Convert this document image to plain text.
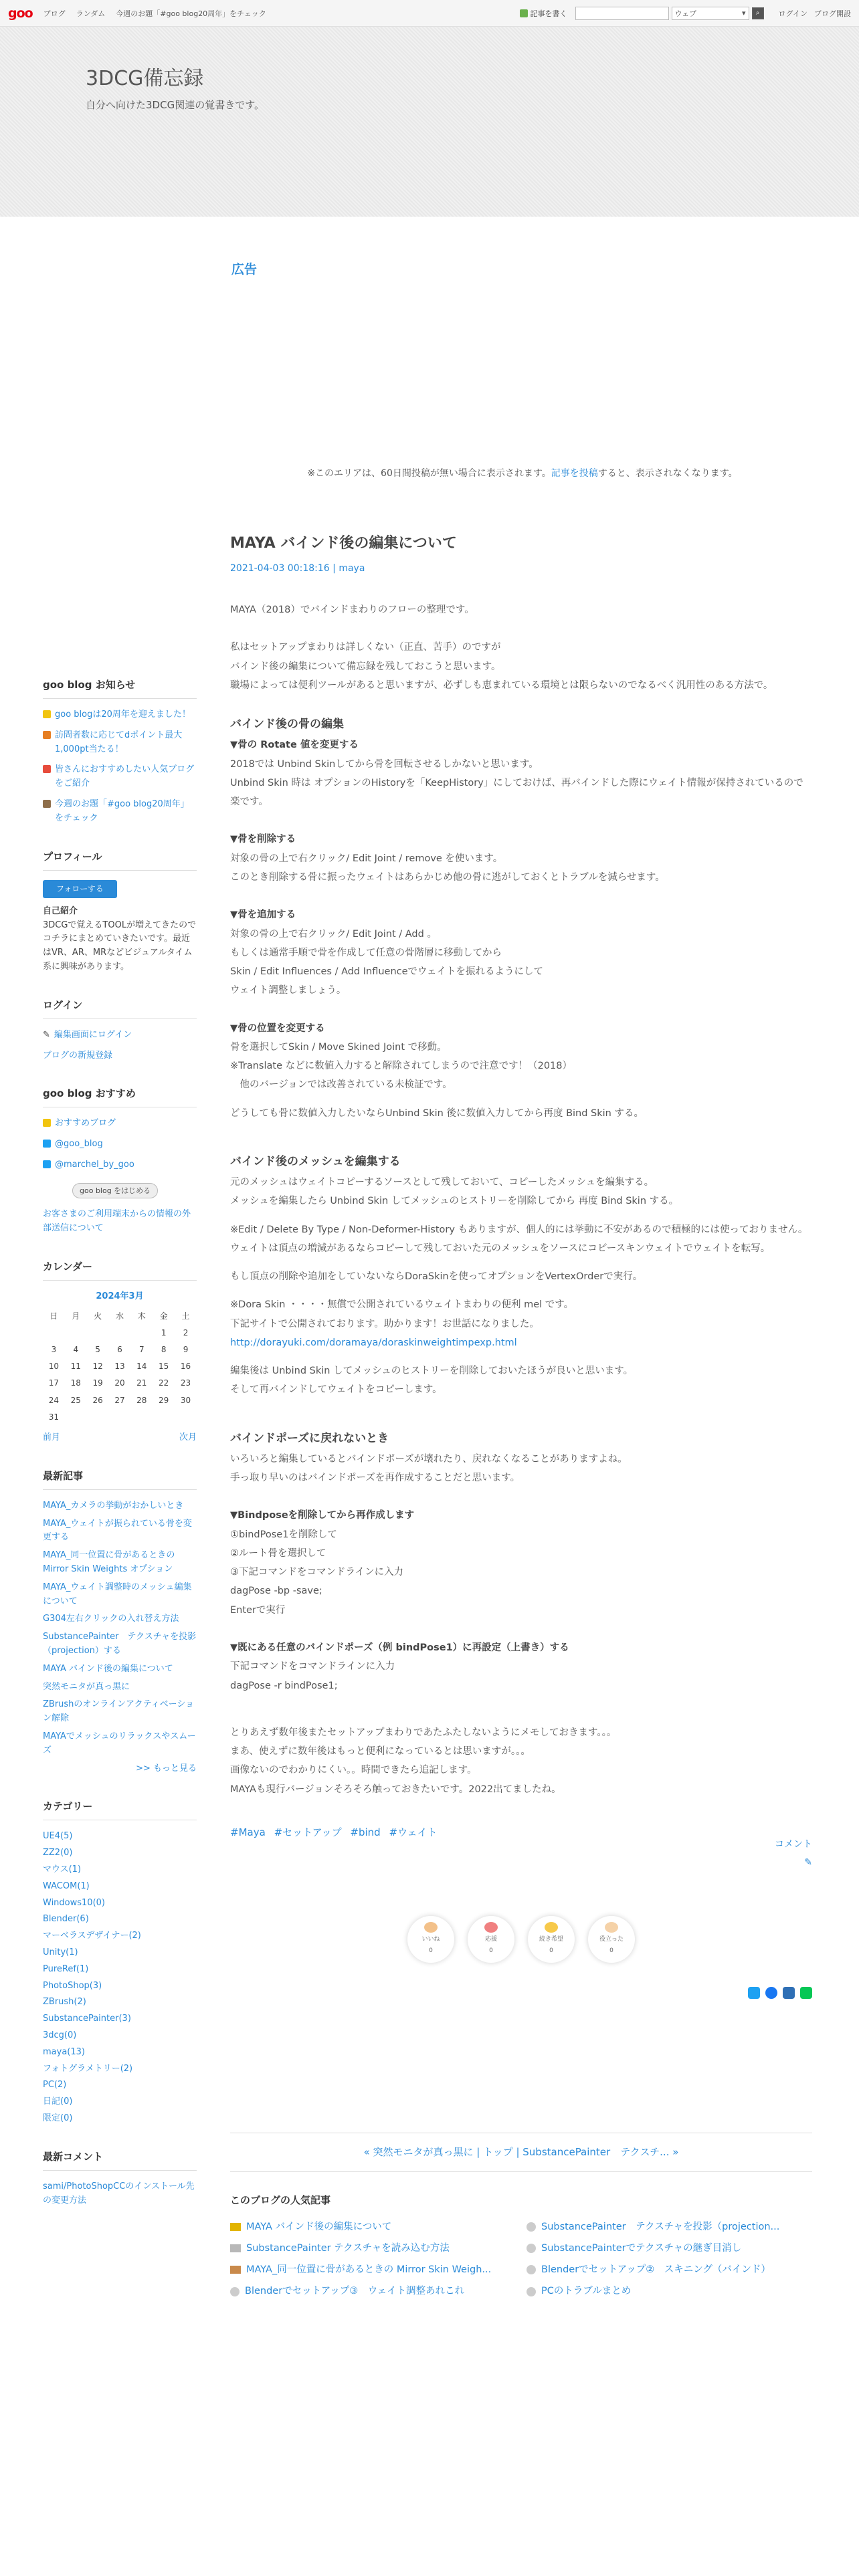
goo ブログ ランダム 今週のお題「#goo blog20周年」をチェック	記事を書く	ウェブ	▾ ⌕	ログイン ブログ開設
3DCG備忘録
自分へ向けた3DCG関連の覚書きです。
広告
※このエリアは、60日間投稿が無い場合に表示されます。記事を投稿すると、表示されなくなります。
MAYA バインド後の編集について
2021-04-03 00:18:16 | maya

MAYA（2018）でバインドまわりのフローの整理です。

私はセットアップまわりは詳しくない（正直、苦手）のですが

バインド後の編集について備忘録を残しておこうと思います。

職場によっては便利ツールがあると思いますが、必ずしも恵まれている環境とは限らないのでなるべく汎用性のある方法で。

バインド後の骨の編集

▼骨の Rotate 値を変更する

2018では Unbind Skinしてから骨を回転させるしかないと思います。

Unbind Skin 時は オプションのHistoryを「KeepHistory」にしておけば、再バインドした際にウェイト情報が保持されているので楽です。

▼骨を削除する

対象の骨の上で右クリック/ Edit Joint / remove を使います。

このとき削除する骨に振ったウェイトはあらかじめ他の骨に逃がしておくとトラブルを減らせます。

▼骨を追加する

対象の骨の上で右クリック/ Edit Joint / Add 。

もしくは通常手順で骨を作成して任意の骨階層に移動してから

Skin / Edit Influences / Add Influenceでウェイトを振れるようにして

ウェイト調整しましょう。

▼骨の位置を変更する

骨を選択してSkin / Move Skined Joint で移動。

※Translate などに数値入力すると解除されてしまうので注意です！（2018）

　他のバージョンでは改善されている未検証です。

どうしても骨に数値入力したいならUnbind Skin 後に数値入力してから再度 Bind Skin する。

バインド後のメッシュを編集する

元のメッシュはウェイトコピーするソースとして残しておいて、コピーしたメッシュを編集する。

メッシュを編集したら Unbind Skin してメッシュのヒストリーを削除してから 再度 Bind Skin する。

※Edit / Delete By Type / Non-Deformer-History もありますが、個人的には挙動に不安があるので積極的には使っておりません。

ウェイトは頂点の増減があるならコピーして残しておいた元のメッシュをソースにコピースキンウェイトでウェイトを転写。

もし頂点の削除や追加をしていないならDoraSkinを使ってオプションをVertexOrderで実行。

※Dora Skin ・・・・無償で公開されているウェイトまわりの便利 mel です。

下記サイトで公開されております。助かります！お世話になりました。

http://dorayuki.com/doramaya/doraskinweightimpexp.html

編集後は Unbind Skin してメッシュのヒストリーを削除しておいたほうが良いと思います。

そして再バインドしてウェイトをコピーします。

バインドポーズに戻れないとき

いろいろと編集しているとバインドポーズが壊れたり、戻れなくなることがありますよね。

手っ取り早いのはバインドポーズを再作成することだと思います。

▼Bindposeを削除してから再作成します

①bindPose1を削除して

②ルート骨を選択して

③下記コマンドをコマンドラインに入力

dagPose -bp -save;

Enterで実行

▼既にある任意のバインドポーズ（例 bindPose1）に再設定（上書き）する

下記コマンドをコマンドラインに入力

dagPose -r bindPose1;

とりあえず数年後またセットアップまわりであたふたしないようにメモしておきます。。。

まあ、使えずに数年後はもっと便利になっているとは思いますが。。。

画像ないのでわかりにくい。。時間できたら追記します。

MAYAも現行バージョンそろそろ触っておきたいです。2022出てましたね。

#Maya #セットアップ #bind #ウェイト
コメント
✎
いいね
0
応援
0
続き希望
0
役立った
0
« 突然モニタが真っ黒に | トップ | SubstancePainter　テクスチ... »
このブログの人気記事
MAYA バインド後の編集について	SubstancePainter　テクスチャを投影（projection...
SubstancePainter テクスチャを読み込む方法	SubstancePainterでテクスチャの継ぎ目消し
MAYA_同一位置に骨があるときの Mirror Skin Weigh...	Blenderでセットアップ②　スキニング（バインド）
Blenderでセットアップ③　ウェイト調整あれこれ	PCのトラブルまとめ
goo blog お知らせ
goo blogは20周年を迎えました！
訪問者数に応じてdポイント最大1,000pt当たる！
皆さんにおすすめしたい人気ブログをご紹介
今週のお題「#goo blog20周年」をチェック
プロフィール
フォローする
自己紹介
3DCGで覚えるTOOLが増えてきたのでコチラにまとめていきたいです。最近はVR、AR、MRなどビジュアルタイム系に興味があります。
ログイン
✎ 編集画面にログイン
ブログの新規登録
goo blog おすすめ
おすすめブログ
@goo_blog
@marchel_by_goo
goo blog をはじめる
お客さまのご利用端末からの情報の外部送信について
カレンダー
2024年3月
日	月	火	水	木	金	土
					1	2
3	4	5	6	7	8	9
10	11	12	13	14	15	16
17	18	19	20	21	22	23
24	25	26	27	28	29	30
31						
前月	次月
最新記事
MAYA_カメラの挙動がおかしいとき
MAYA_ウェイトが振られている骨を変更する
MAYA_同一位置に骨があるときの Mirror Skin Weights オプション
MAYA_ウェイト調整時のメッシュ編集について
G304左右クリックの入れ替え方法
SubstancePainter　テクスチャを投影（projection）する
MAYA バインド後の編集について
突然モニタが真っ黒に
ZBrushのオンラインアクティベーション解除
MAYAでメッシュのリラックスやスムーズ
>> もっと見る
カテゴリー
UE4(5)
ZZ2(0)
マウス(1)
WACOM(1)
Windows10(0)
Blender(6)
マーベラスデザイナー(2)
Unity(1)
PureRef(1)
PhotoShop(3)
ZBrush(2)
SubstancePainter(3)
3dcg(0)
maya(13)
フォトグラメトリー(2)
PC(2)
日記(0)
限定(0)
最新コメント
sami/PhotoShopCCのインストール先の変更方法
